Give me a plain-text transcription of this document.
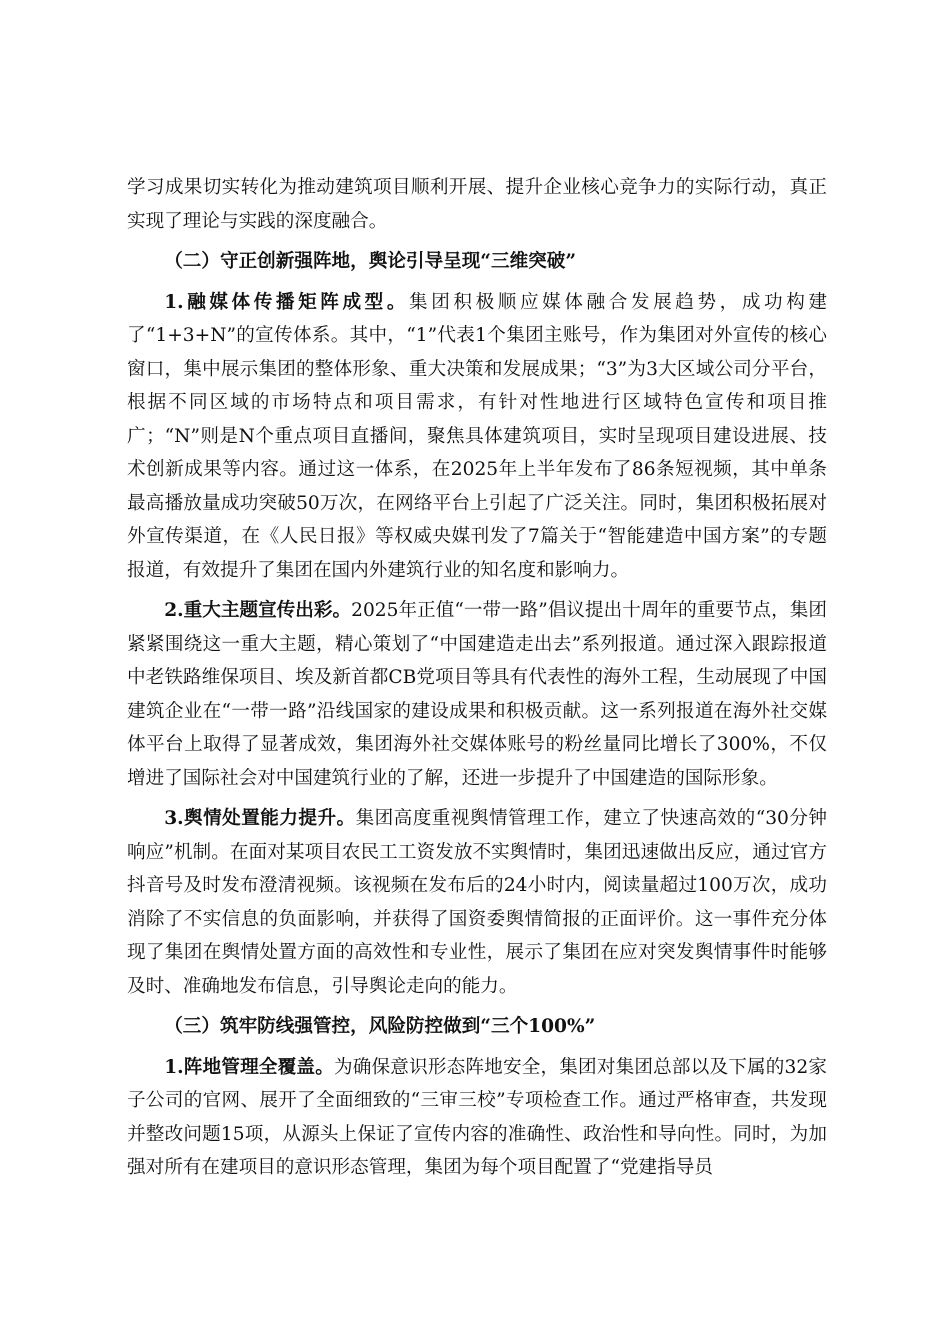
学习成果切实转化为推动建筑项目顺利开展、提升企业核心竞争力的实际行动，真正实现了理论与实践的深度融合。

（二）守正创新强阵地，舆论引导呈现“三维突破”

1.融媒体传播矩阵成型。集团积极顺应媒体融合发展趋势，成功构建了“1+3+N”的宣传体系。其中，“1”代表1个集团主账号，作为集团对外宣传的核心窗口，集中展示集团的整体形象、重大决策和发展成果；“3”为3大区域公司分平台，根据不同区域的市场特点和项目需求，有针对性地进行区域特色宣传和项目推广；“N”则是N个重点项目直播间，聚焦具体建筑项目，实时呈现项目建设进展、技术创新成果等内容。通过这一体系，在2025年上半年发布了86条短视频，其中单条最高播放量成功突破50万次，在网络平台上引起了广泛关注。同时，集团积极拓展对外宣传渠道，在《人民日报》等权威央媒刊发了7篇关于“智能建造中国方案”的专题报道，有效提升了集团在国内外建筑行业的知名度和影响力。

2.重大主题宣传出彩。2025年正值“一带一路”倡议提出十周年的重要节点，集团紧紧围绕这一重大主题，精心策划了“中国建造走出去”系列报道。通过深入跟踪报道中老铁路维保项目、埃及新首都CB党项目等具有代表性的海外工程，生动展现了中国建筑企业在“一带一路”沿线国家的建设成果和积极贡献。这一系列报道在海外社交媒体平台上取得了显著成效，集团海外社交媒体账号的粉丝量同比增长了300%，不仅增进了国际社会对中国建筑行业的了解，还进一步提升了中国建造的国际形象。

3.舆情处置能力提升。集团高度重视舆情管理工作，建立了快速高效的“30分钟响应”机制。在面对某项目农民工工资发放不实舆情时，集团迅速做出反应，通过官方抖音号及时发布澄清视频。该视频在发布后的24小时内，阅读量超过100万次，成功消除了不实信息的负面影响，并获得了国资委舆情简报的正面评价。这一事件充分体现了集团在舆情处置方面的高效性和专业性，展示了集团在应对突发舆情事件时能够及时、准确地发布信息，引导舆论走向的能力。

（三）筑牢防线强管控，风险防控做到“三个100%”

1.阵地管理全覆盖。为确保意识形态阵地安全，集团对集团总部以及下属的32家子公司的官网、展开了全面细致的“三审三校”专项检查工作。通过严格审查，共发现并整改问题15项，从源头上保证了宣传内容的准确性、政治性和导向性。同时，为加强对所有在建项目的意识形态管理，集团为每个项目配置了“党建指导员
